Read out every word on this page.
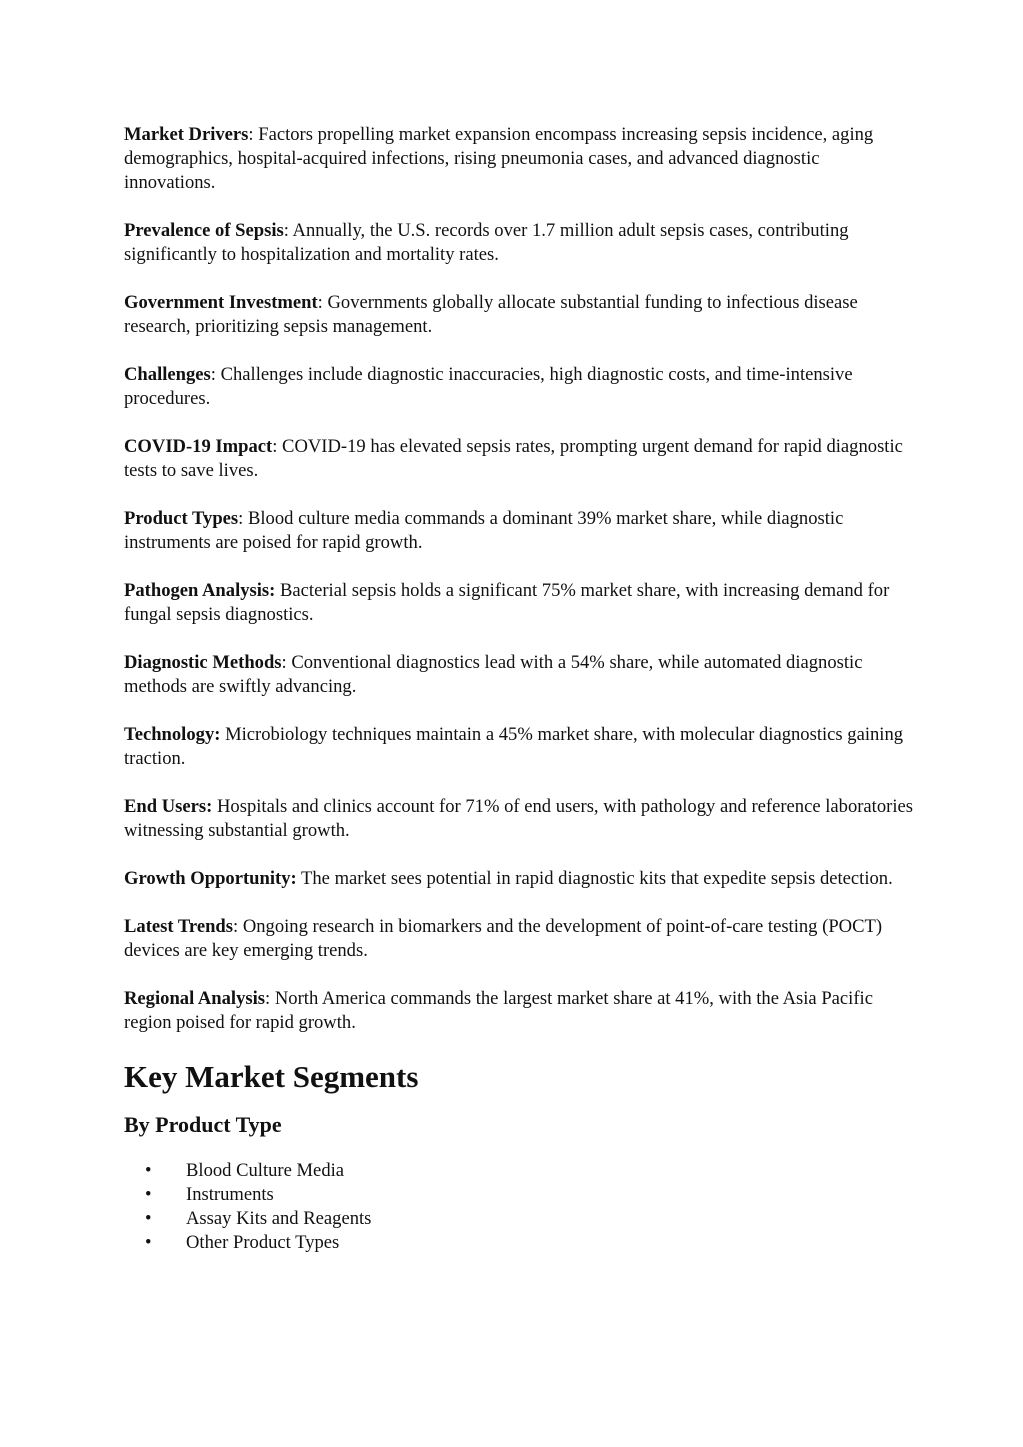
Market Drivers: Factors propelling market expansion encompass increasing sepsis incidence, aging demographics, hospital-acquired infections, rising pneumonia cases, and advanced diagnostic innovations.

Prevalence of Sepsis: Annually, the U.S. records over 1.7 million adult sepsis cases, contributing significantly to hospitalization and mortality rates.

Government Investment: Governments globally allocate substantial funding to infectious disease research, prioritizing sepsis management.

Challenges: Challenges include diagnostic inaccuracies, high diagnostic costs, and time-intensive procedures.

COVID-19 Impact: COVID-19 has elevated sepsis rates, prompting urgent demand for rapid diagnostic tests to save lives.

Product Types: Blood culture media commands a dominant 39% market share, while diagnostic instruments are poised for rapid growth.

Pathogen Analysis: Bacterial sepsis holds a significant 75% market share, with increasing demand for fungal sepsis diagnostics.

Diagnostic Methods: Conventional diagnostics lead with a 54% share, while automated diagnostic methods are swiftly advancing.

Technology: Microbiology techniques maintain a 45% market share, with molecular diagnostics gaining traction.

End Users: Hospitals and clinics account for 71% of end users, with pathology and reference laboratories witnessing substantial growth.

Growth Opportunity: The market sees potential in rapid diagnostic kits that expedite sepsis detection.

Latest Trends: Ongoing research in biomarkers and the development of point-of-care testing (POCT) devices are key emerging trends.

Regional Analysis: North America commands the largest market share at 41%, with the Asia Pacific region poised for rapid growth.

Key Market Segments
By Product Type
• Blood Culture Media
• Instruments
• Assay Kits and Reagents
• Other Product Types
